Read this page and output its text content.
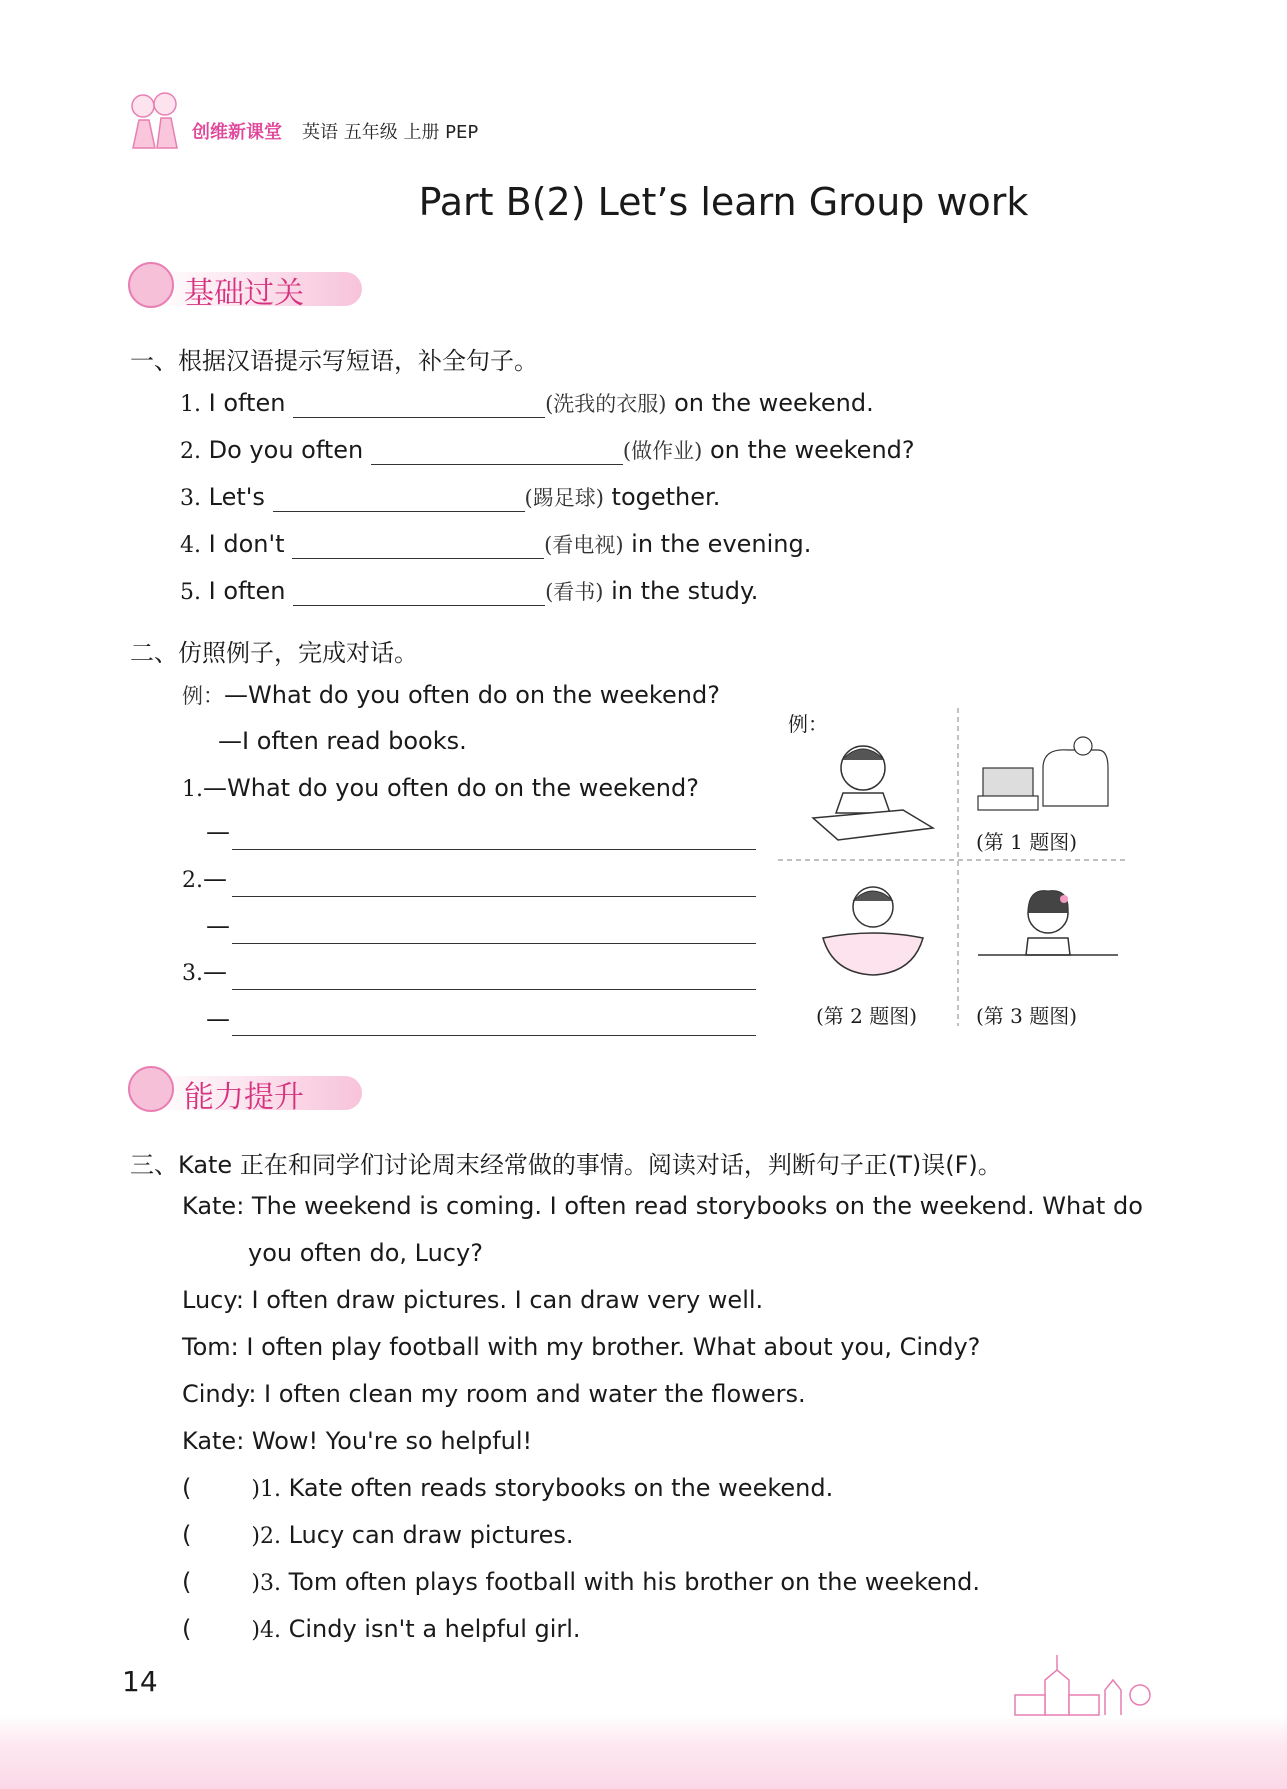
创维新课堂 英语 五年级 上册 PEP
Part B(2) Let’s learn Group work
基础过关
一、根据汉语提示写短语，补全句子。
1. I often	(洗我的衣服) on the weekend.
2. Do you often	(做作业) on the weekend?
3. Let's	(踢足球) together.
4. I don't	(看电视) in the evening.
5. I often	(看书) in the study.
二、仿照例子，完成对话。
例：—What do you often do on the weekend?
—I often read books.
1.—What do you often do on the weekend?
—
2.—
—
3.—
—
例：
(第 1 题图)
(第 2 题图)	(第 3 题图)
能力提升
三、Kate 正在和同学们讨论周末经常做的事情。阅读对话，判断句子正(T)误(F)。
Kate: The weekend is coming. I often read storybooks on the weekend. What do
you often do, Lucy?
Lucy: I often draw pictures. I can draw very well.
Tom: I often play football with my brother. What about you, Cindy?
Cindy: I often clean my room and water the flowers.
Kate: Wow! You're so helpful!
(	)1. Kate often reads storybooks on the weekend.
(	)2. Lucy can draw pictures.
(	)3. Tom often plays football with his brother on the weekend.
(	)4. Cindy isn't a helpful girl.
14
